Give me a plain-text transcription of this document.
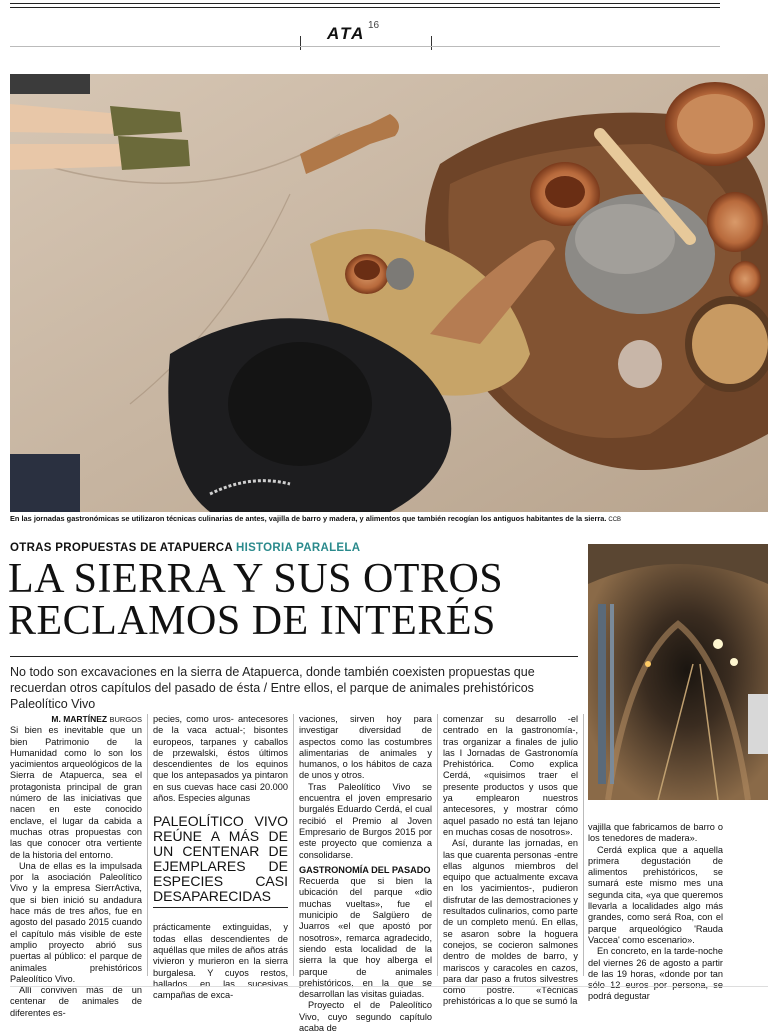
ATA 16
En las jornadas gastronómicas se utilizaron técnicas culinarias de antes, vajilla de barro y madera, y alimentos que también recogían los antiguos habitantes de la sierra. CCB
OTRAS PROPUESTAS DE ATAPUERCA HISTORIA PARALELA
LA SIERRA Y SUS OTROS
RECLAMOS DE INTERÉS
No todo son excavaciones en la sierra de Atapuerca, donde también coexisten propuestas que recuerdan otros capítulos del pasado de ésta / Entre ellos, el parque de animales prehistóricos Paleolítico Vivo
M. MARTÍNEZ BURGOS

Si bien es inevitable que un bien Patrimonio de la Humanidad como lo son los yacimientos arqueológicos de la Sierra de Atapuerca, sea el protagonista principal de gran número de las iniciativas que nacen en este conocido enclave, el lugar da cabida a muchas otras propuestas con las que conocer otra vertiente de la historia del entorno.

Una de ellas es la impulsada por la asociación Paleolítico Vivo y la empresa SierrActiva, que si bien inició su andadura hace más de tres años, fue en agosto del pasado 2015 cuando el capítulo más visible de este amplio proyecto abrió sus puertas al público: el parque de animales prehistóricos Paleolítico Vivo.

Allí conviven más de un centenar de animales de diferentes es-

pecies, como uros- antecesores de la vaca actual-; bisontes europeos, tarpanes y caballos de przewalski, éstos últimos descendientes de los equinos que los antepasados ya pintaron en sus cuevas hace casi 20.000 años. Especies algunas

PALEOLÍTICO VIVO REÚNE A MÁS DE UN CENTENAR DE EJEMPLARES DE ESPECIES CASI DESAPARECIDAS

prácticamente extinguidas, y todas ellas descendientes de aquéllas que miles de años atrás vivieron y murieron en la sierra burgalesa. Y cuyos restos, hallados en las sucesivas campañas de exca-

vaciones, sirven hoy para investigar diversidad de aspectos como las costumbres alimentarias de animales y humanos, o los hábitos de caza de unos y otros.

Tras Paleolítico Vivo se encuentra el joven empresario burgalés Eduardo Cerdá, el cual recibió el Premio al Joven Empresario de Burgos 2015 por este proyecto que comienza a consolidarse.

GASTRONOMÍA DEL PASADO

Recuerda que si bien la ubicación del parque «dio muchas vueltas», fue el municipio de Salgüero de Juarros «el que apostó por nosotros», remarca agradecido, siendo esta localidad de la sierra la que hoy alberga el parque de animales prehistóricos, en la que se desarrollan las visitas guiadas.

Proyecto el de Paleolítico Vivo, cuyo segundo capítulo acaba de

comenzar su desarrollo -el centrado en la gastronomía-, tras organizar a finales de julio las I Jornadas de Gastronomía Prehistórica. Como explica Cerdá, «quisimos traer el presente productos y usos que ya emplearon nuestros antecesores, y mostrar cómo aquel pasado no está tan lejano en muchas cosas de nosotros».

Así, durante las jornadas, en las que cuarenta personas -entre ellas algunos miembros del equipo que actualmente excava en los yacimientos-, pudieron disfrutar de las demostraciones y resultados culinarios, como parte de un completo menú. En ellas, se asaron sobre la hoguera conejos, se cocieron salmones dentro de moldes de barro, y mariscos y caracoles en cazos, para dar paso a frutos silvestres como postre. «Técnicas prehistóricas a lo que se sumó la

vajilla que fabricamos de barro o los tenedores de madera».

Cerdá explica que a aquella primera degustación de alimentos prehistóricos, se sumará este mismo mes una segunda cita, «ya que queremos llevarla a localidades algo más grandes, como será Roa, con el parque arqueológico 'Rauda Vaccea' como escenario».

En concreto, en la tarde-noche del viernes 26 de agosto a partir de las 19 horas, «donde por tan sólo 12 euros por persona, se podrá degustar
